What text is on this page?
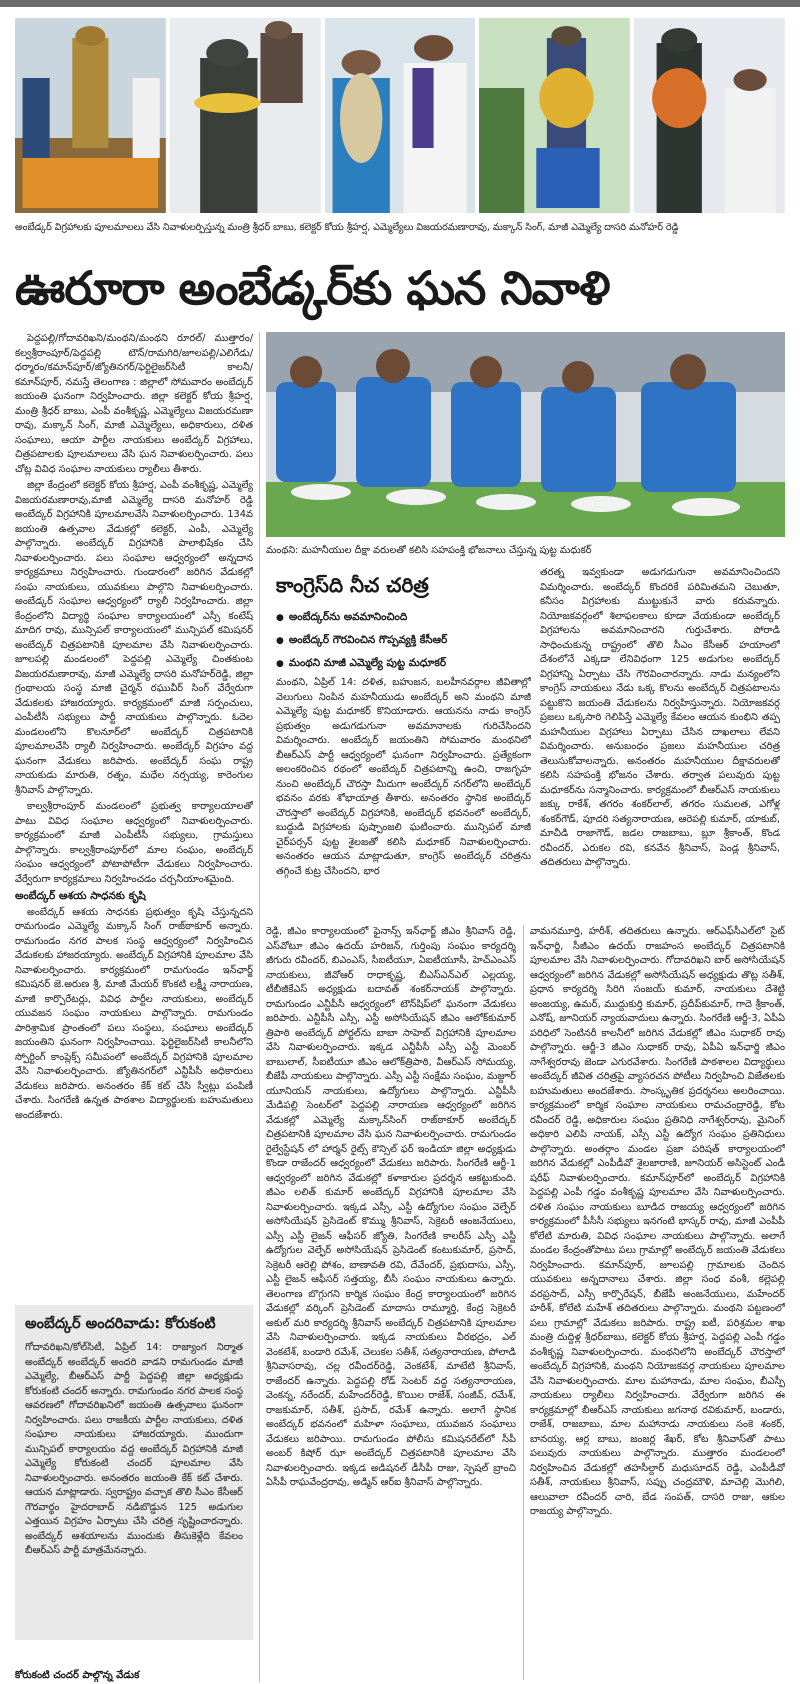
అంబేడ్కర్ విగ్రహాలకు పూలమాలలు వేసి నివాళులర్పిస్తున్న మంత్రి శ్రీధర్ బాబు, కలెక్టర్ కోయ శ్రీహర్ష, ఎమ్మెల్యేలు విజయరమణారావు, మక్కాన్ సింగ్, మాజీ ఎమ్మెల్యే దాసరి మనోహర్ రెడ్డి
ఊరూరా అంబేడ్కర్‌కు ఘన నివాళి

పెద్దపల్లి/గోదావరిఖని/మంథని/మంథని రూరల్/ ముత్తారం/కల్వశ్రీరాంపూర్/పెద్దపల్లి టౌన్/రామగిరి/జూలపల్లి/ఎలిగేడు/ధర్మారం/కమాన్‌పూర్/జ్యోతినగర్/ఫెర్టిలైజర్‌సిటీ కాలనీ/కమాన్‌పూర్, నమస్తే తెలంగాణ : జిల్లాలో సోమవారం అంబేద్కర్ జయంతి ఘనంగా నిర్వహించారు. జిల్లా కలెక్టర్ కోయ శ్రీహర్ష, మంత్రి శ్రీధర్ బాబు, ఎంపీ వంశీకృష్ణ, ఎమ్మెల్యేలు విజయరమణా రావు, మక్కాన్ సింగ్, మాజీ ఎమ్మెల్యేలు, అధికారులు, దళిత సంఘాలు, ఆయా పార్టీల నాయకులు అంబేద్కర్ విగ్రహాలు, చిత్రపటాలకు పూలమాలలు వేసి ఘన నివాళులర్పించారు. పలు చోట్ల వివిధ సంఘాల నాయకులు ర్యాలీలు తీశారు.

జిల్లా కేంద్రంలో కలెక్టర్ కోయ శ్రీహర్ష, ఎంపీ వంశీకృష్ణ, ఎమ్మెల్యే విజయరమణారావు,మాజీ ఎమ్మెల్యే దాసరి మనోహర్ రెడ్డి అంబేద్కర్ విగ్రహానికి పూలమాలవేసి నివాళులర్పించారు. 134వ జయంతి ఉత్సవాల వేడుకల్లో కలెక్టర్, ఎంపీ, ఎమ్మెల్యే పాల్గొన్నారు. అంబేద్కర్ విగ్రహానికి పాలాభిషేకం చేసి నివాళులర్పించారు. పలు సంఘాల ఆధ్వర్యంలో అన్నదాన కార్యక్రమాలు నిర్వహించారు. గుండారంలో జరిగిన వేడుకల్లో సంఘ నాయకులు, యువకులు పాల్గొని నివాళులర్పించారు. అంబేడ్కర్ సంఘాల ఆధ్వర్యంలో ర్యాలీ నిర్వహించారు. జిల్లా కేంద్రంలోని విద్యార్థి సంఘాల కార్యాలయంలో ఎస్సీ కంటేష్ మాదిగ రావు, మున్సిపల్ కార్యాలయంలో మున్సిపల్ కమిషనర్ అంబేద్కర్ చిత్రపటానికి పూలమాల వేసి నివాళులర్పించారు. జూలపల్లి మండలంలో పెద్దపల్లి ఎమ్మెల్యే చింతకుంట విజయరమణారావు, మాజీ ఎమ్మెల్యే దాసరి మనోహర్‌రెడ్డి, జిల్లా గ్రంథాలయ సంస్థ మాజీ చైర్మన్ రఘువీర్ సింగ్ వేర్వేరుగా వేడుకలకు హాజరయ్యారు. కార్యక్రమంలో మాజీ సర్పంచులు, ఎంపీటీసీ సభ్యులు పార్టీ నాయకులు పాల్గొన్నారు. ఓదెల మండలంలోని కొలనూర్‌లో అంబేద్కర్ చిత్రపటానికి పూలమాలవేసి ర్యాలీ నిర్వహించారు. అంబేద్కర్ విగ్రహం వద్ద ఘనంగా వేడుకలు జరిపారు. అంబేద్కర్ సంఘ రాష్ట్ర నాయకుడు మారుతి, రత్నం, మధేల నర్సయ్య, కారెంగుల శ్రీనివాస్ పాల్గొన్నారు.

కాల్వశ్రీరాంపూర్ మండలంలో ప్రభుత్వ కార్యాలయాలతో పాటు వివిధ సంఘాల ఆధ్వర్యంలో నివాళులర్పించారు. కార్యక్రమంలో మాజీ ఎంపీటీసీ సభ్యులు, గ్రామస్తులు పాల్గొన్నారు. కాల్వశ్రీరాంపూర్‌లో మాల సంఘం, అంబేద్కర్ సంఘం ఆధ్వర్యంలో పోటాపోటీగా వేడుకలు నిర్వహించారు. వేర్వేరుగా కార్యక్రమాలు నిర్వహించడం చర్చనీయాంశమైంది.

అంబేద్కర్ ఆశయ సాధనకు కృషి

అంబేద్కర్ ఆశయ సాధనకు ప్రభుత్వం కృషి చేస్తున్నదని రామగుండం ఎమ్మెల్యే మక్కాన్ సింగ్ రాజ్‌ఠాకూర్ అన్నారు. రామగుండం నగర పాలక సంస్థ ఆధ్వర్యంలో నిర్వహించిన వేడుకలకు హాజరయ్యారు. అంబేద్కర్ విగ్రహానికి పూలమాల వేసి నివాళులర్పించారు. కార్యక్రమంలో రామగుండం ఇన్‌ఛార్జ్ కమిషనర్ జె.అరుణ శ్రీ, మాజీ మేయర్ కొంకటి లక్ష్మీ నారాయణ, మాజీ కార్పొరేటర్లు, వివిధ పార్టీల నాయకులు, అంబేద్కర్ యువజన సంఘం నాయకులు పాల్గొన్నారు. రామగుండం పారిశ్రామిక ప్రాంతంలో పలు సంస్థలు, సంఘాలు అంబేద్కర్ జయంతిని ఘనంగా నిర్వహించాయి. ఫెర్టిలైజర్‌సిటీ కాలనీలోని స్పోర్టింగ్ కాంప్లెక్స్ సమీపంలో అంబేద్కర్ విగ్రహానికి పూలమాల వేసి నివాళులర్పించారు. జ్యోతినగర్‌లో ఎన్టీపీసీ అధికారులు వేడుకలు జరిపారు. అనంతరం కేక్ కట్ చేసి స్వీట్లు పంపిణీ చేశారు. సింగరేణి ఉన్నత పాఠశాల విద్యార్థులకు బహుమతులు అందజేశారు.

అంబేద్కర్ అందరివాడు: కోరుకంటి
గోదావరిఖని/కోల్‌సిటీ, ఏప్రిల్ 14: రాజ్యాంగ నిర్మాత అంబేద్కర్ అంబేద్కర్ అందరి వాడని రామగుండం మాజీ ఎమ్మెల్యే, బీఆర్‌ఎస్ పార్టీ పెద్దపల్లి జిల్లా అధ్యక్షుడు కోరుకంటి చందర్ అన్నారు. రామగుండం నగర పాలక సంస్థ ఆవరణలో గోదావరిఖనిలో జయంతి ఉత్సవాలు ఘనంగా నిర్వహించారు. పలు రాజకీయ పార్టీల నాయకులు, దళిత సంఘాల నాయకులు హాజరయ్యారు. ముందుగా మున్సిపల్ కార్యాలయం వద్ద అంబేద్కర్ విగ్రహానికి మాజీ ఎమ్మెల్యే కోరుకంటి చందర్ పూలమాల వేసి నివాళులర్పించారు. అనంతరం జయంతి కేక్ కట్ చేశారు. ఆయన మాట్లాడారు. స్వరాష్ట్రం వచ్చాక తొలి సీఎం కేసీఆర్ గౌరవార్థం హైదరాబాద్ నడిబొడ్డున 125 అడుగుల ఎత్తయిన విగ్రహం ఏర్పాటు చేసి చరిత్ర సృష్టించారన్నారు. అంబేద్కర్ ఆశయాలను ముందుకు తీసుకెళ్లేది కేవలం బీఆర్‌ఎస్ పార్టీ మాత్రమేనన్నారు.
కోరుకంటి చందర్ పాల్గొన్న వేడుక
మంథని: మహనీయుల దీక్షా వరులతో కలిసి సహపంక్తి భోజనాలు చేస్తున్న పుట్ట మధుకర్
కాంగ్రెస్‌ది నీచ చరిత్ర
● అంబేద్కర్‌ను అవమానించింది
● అంబేద్కర్ గౌరవించిన గొప్పవ్యక్తి కేసీఆర్
● మంథని మాజీ ఎమ్మెల్యే పుట్ట మధూకర్
మంథని, ఏప్రిల్ 14: దళిత, బహుజన, బలహీనవర్గాల జీవితాల్లో వెలుగులు నింపిన మహనీయుడు అంబేద్కర్ అని మంథని మాజీ ఎమ్మెల్యే పుట్ట మధూకర్ కొనియాడారు. ఆయనను నాడు కాంగ్రెస్ ప్రభుత్వం అడుగడుగునా అవమానాలకు గురిచేసిందని విమర్శించారు. అంబేద్కర్ జయంతిని సోమవారం మంథనిలో బీఆర్ఎస్ పార్టీ ఆధ్వర్యంలో ఘనంగా నిర్వహించారు. ప్రత్యేకంగా అలంకరించిన రథంలో అంబేద్కర్ చిత్రపటాన్ని ఉంచి, రాజగృహ నుంచి అంబేద్కర్ చౌరస్తా మీదుగా అంబేద్కర్ నగర్‌లోని అంబేద్కర్ భవనం వరకు శోభాయాత్ర తీశారు. అనంతరం స్థానిక అంబేద్కర్ చౌరస్తాలో అంబేద్కర్ విగ్రహానికి, అంబేద్కర్ భవనంలో అంబేద్కర్, బుద్ధుడి విగ్రహాలకు పుష్పాంజలి ఘటించారు. మున్సిపల్ మాజీ చైర్‌పర్సన్ పుట్ట శైలజతో కలిసి మధూకర్ నివాళులర్పించారు. అనంతరం ఆయన మాట్లాడుతూ, కాంగ్రెస్ అంబేద్కర్ చరిత్రను తగ్గించే కుట్ర చేసిందని, భార
తరత్న ఇవ్వకుండా అడుగడుగునా అవమానించిందని విమర్శించారు. అంబేద్కర్ కొందరికే పరిమితమని చెబుతూ, కనీసం విగ్రహాలకు ముట్టుకునే వారు కరువన్నారు. నియోజకవర్గంలో శిలాఫలకాలు కూడా వేయకుండా అంబేద్కర్ విగ్రహాలను అవమానించారని గుర్తుచేశారు. పోరాడి సాధించుకున్న రాష్ట్రంలో తొలి సీఎం కేసీఆర్ హయాంలో దేశంలోనే ఎక్కడా లేనివిధంగా 125 అడుగుల అంబేద్కర్ విగ్రహాన్ని ఏర్పాటు చేసి గౌరవించారన్నారు. నాడు మన్యంలోని కాంగ్రెస్ నాయకులు నేడు ఒక్క కొలను అంబేద్కర్ చిత్రపటాలను పట్టుకొని జయంతి వేడుకలను నిర్వహిస్తున్నారు. నియోజకవర్గ ప్రజలు ఒక్కసారి గెలిపిస్తే ఎమ్మెల్యే కేవలం ఆయన కుంభిని తప్ప మహనీయుల విగ్రహాలు ఏర్పాటు చేసిన దాఖలాలు లేవని విమర్శించారు. అనుబంధం ప్రజలు మహనీయుల చరిత్ర తెలుసుకోవాలన్నారు. అనంతరం మహనీయుల దీక్షావరులతో కలిసి సహపంక్తి భోజనం చేశారు. తర్వాత పలువురు పుట్ట మధూకర్‌ను సన్మానించారు. కార్యక్రమంలో బీఆర్ఎస్ నాయకులు జక్కు రాకేశ్, తగరం శంకర్‌లాల్, తగరం సుమలత, ఎగోళ్ల శంకర్‌గౌడ్, పూదరి సత్యనారాయణ, ఆరెపల్లి కుమార్, యాకుబ్, మాచీడి రాజాగౌడ్, జడల రాజబాబు, బ్లూ శ్రీకాంత్, కొండ రవీందర్, ఎరుకల రవి, కనవేన శ్రీనివాస్, పెండ్ల శ్రీనివాస్, తదితరులు పాల్గొన్నారు.
రెడ్డి, జీఎం కార్యాలయంలో ఫైనాన్స్ ఇన్‌ఛార్జ్ జీఎం శ్రీనివాస్ రెడ్డి, ఎస్‌వోటూ జీఎం ఉదయ్ హరిజన్, గుర్తింపు సంఘం కార్యదర్శి జీగురు రవీందర్, బిఎంఎస్, సీఐటీయూ, ఏఐటీయూసీ, హెచ్ఎంఎస్ నాయకులు, జీవోఆర్ రాధాకృష్ణ, బీఎస్ఎన్ఎల్ ఎల్లయ్య, టీబీజీకేఎస్ అధ్యక్షుడు బదావత్ శంకర్‌నాయక్ పాల్గొన్నారు. రామగుండం ఎన్టీపీసీ ఆధ్వర్యంలో టౌన్‌షిప్‌లో ఘనంగా వేడుకలు జరిపారు. ఎన్టీపీసీ ఎస్సీ, ఎస్టీ అసోసియేషన్ జీఎం ఆలోక్‌కుమార్ త్రిపాఠి అంబేద్కర్ పోర్టల్‌ను బాబా సాహెబ్ విగ్రహానికి పూలమాల వేసి నివాళులర్పించారు. ఇక్కడ ఎన్టీపీసీ ఎస్సీ ఎస్టీ మెంబర్ బాబులాల్, సీఐటీయూ జీఎం ఆలోక్‌త్రిపాఠి, వీఆర్ఎస్ సోమయ్య, బీజేపీ నాయకులు పాల్గొన్నారు. ఎస్సీ ఎస్టీ సంక్షేమ సంఘం, మజ్దూర్ యూనియన్ నాయకులు, ఉద్యోగులు పాల్గొన్నారు. ఎన్టీపీసీ మేడిపల్లి సెంటర్‌లో పెద్దపల్లి నారాయణ ఆధ్వర్యంలో జరిగిన వేడుకల్లో ఎమ్మెల్యే మక్కాన్‌సింగ్ రాజ్‌ఠాకూర్ అంబేద్కర్ చిత్రపటానికి పూలమాల వేసి ఘన నివాళులర్పించారు. రామగుండం రైల్వేస్టేషన్ లో హార్మన్ రైట్స్ కౌన్సిల్ ఫర్ ఇండియా జిల్లా అధ్యక్షుడు కొండా రాజేందర్ ఆధ్వర్యంలో వేడుకలు జరిపారు. సింగరేణి ఆర్జీ-1 ఆధ్వర్యంలో జరిగిన వేడుకల్లో కళాకారుల ప్రదర్శన ఆకట్టుకుంది. జీఎం లలిత్ కుమార్ అంబేద్కర్ విగ్రహానికి పూలమాల వేసి నివాళులర్పించారు. ఇక్కడ ఎస్సీ, ఎస్టీ ఉద్యోగుల సంఘం వెల్ఫేర్ అసోసియేషన్ ప్రెసిడెంట్ కొమ్ము శ్రీనివాస్, సెక్రెటరీ ఆంజనేయులు, ఎస్సీ ఎస్టీ లైజన్ ఆఫీసర్ జ్యోతి, సింగరేణి కాలరీస్ ఎస్సీ ఎస్టీ ఉద్యోగుల వెల్ఫేర్ అసోసియేషన్ ప్రెసిడెంట్ కంటుకుమార్, ప్రసాద్, సెక్రెటరీ ఆరెల్లి పోశం, బాణావతి రవి, దేవేందర్, ప్రభుదాసు, ఎస్సీ, ఎస్టీ లైజన్ ఆఫీసర్ సత్తయ్య, బీసీ సంఘం నాయకులు ఉన్నారు. తెలంగాణ బొగ్గుగని కార్మిక సంఘం కేంద్ర కార్యాలయంలో జరిగిన వేడుకల్లో వర్కింగ్ ప్రెసిడెంట్ మాదాసు రామ్మూర్తి, కేంద్ర సెక్రెటరీ అకుల్ మరి కార్యదర్శి శ్రీనివాస్ అంబేద్కర్ చిత్రపటానికి పూలమాల వేసి నివాళులర్పించారు. ఇక్కడ నాయకులు వీరభద్రం, ఎల్ వెంకటేశ్, బండారి రమేశ్, చెలుకల సతీశ్, సత్యనారాయణ, పోలాడి శ్రీనివాసరావు, చల్ల రవీందర్‌రెడ్డి, వెంకటేశ్, మాటేటి శ్రీనివాస్, రాజేందర్ ఉన్నారు. పెద్దపల్లి రోడ్ సెంటర్ వద్ద సత్యనారాయణ, వెంకన్న, నరేందర్, మహేందర్‌రెడ్డి, కొయిల రాజేశ్, సంజీవ్, రమేశ్, రాజకుమార్, సతీశ్, ప్రసాద్, రమేశ్ ఉన్నారు. అలాగే స్థానిక అంబేద్కర్ భవనంలో మహిళా సంఘాలు, యువజన సంఘాలు వేడుకలు జరిపాయి. రామగుండం పోలీసు కమిషనరేట్‌లో సీపీ అంబర్ కిషోర్ ఝా అంబేద్కర్ చిత్రపటానికి పూలమాల వేసి నివాళులర్పించారు. ఇక్కడ అడిషనల్ డీసీపీ రాజు, స్పెషల్ బ్రాంచి ఏసీపీ రాఘవేంద్రరావు, అడ్మిన్ ఆర్‌ఐ శ్రీనివాస్ పాల్గొన్నారు.
వామనమూర్తి, హరీశ్, తదితరులు ఉన్నారు. ఆర్ఎఫ్‌సీఎల్‌లో సైట్ ఇన్‌ఛార్జి, సీజీఎం ఉదయ్ రాజహంస అంబేద్కర్ చిత్రపటానికి పూలమాల వేసి నివాళులర్పించారు. గోదావరిఖని బార్ అసోసియేషన్ ఆధ్వర్యంలో జరిగిన వేడుకల్లో అసోసియేషన్ అధ్యక్షుడు తొట్ల సతీశ్, ప్రధాన కార్యదర్శి సిరిగి సంజయ్ కుమార్, నాయకులు దేశెట్టి అంజయ్య, ఉమర్, ముద్దుకుర్తి కుమార్, ప్రదీప్‌కుమార్, గాదె శ్రీకాంత్, ఎనోష్, జూనియర్ న్యాయవాదులు ఉన్నారు. సింగరేణి ఆర్జీ-3, ఏపీఏ పరిధిలో సెంటినరీ కాలనీలో జరిగిన వేడుకల్లో జీఎం సుధాకర్ రావు పాల్గొన్నారు. ఆర్జీ-3 జీఎం సుధాకర్ రావు, ఏపీఏ ఇన్‌ఛార్జి జీఎం నాగేశ్వరరావు జెండా ఎగురవేశారు. సింగరేణి పాఠశాలల విద్యార్థులు అంబేద్కర్ జీవిత చరిత్రపై వ్యాసరచన పోటీలు నిర్వహించి విజేతలకు బహుమతులు అందజేశారు. సాంస్కృతిక ప్రదర్శనలు అలరించాయి. కార్యక్రమంలో కార్మిక సంఘాల నాయకులు రామచంద్రారెడ్డి, కోట రవీందర్ రెడ్డి, అధికారుల సంఘం ప్రతినిధి నాగేశ్వర్‌రావు, మైనింగ్ అధికారి ఎలిపి నాయక్, ఎస్సీ ఎస్టీ ఉద్యోగ సంఘం ప్రతినిధులు పాల్గొన్నారు. అంతర్గాం మండల ప్రజా పరిషత్ కార్యాలయంలో జరిగిన వేడుకల్లో ఎంపీడీవో శైలజారాణి, జూనియర్ అసిస్టెంట్ ఎండీ షరీఫ్ నివాళులర్పించారు. కమాన్‌పూర్‌లో అంబేద్కర్ విగ్రహానికి పెద్దపల్లి ఎంపీ గడ్డం వంశీకృష్ణ పూలమాల వేసి నివాళులర్పించారు. దళిత సంఘం నాయకులు బూడిద రాజయ్య ఆధ్వర్యంలో జరిగిన కార్యక్రమంలో పీసీసీ సభ్యులు ఇనగంటి భాస్కర్ రావు, మాజీ ఎంపీపీ కోలేటి మారుతి, వివిధ సంఘాల నాయకులు పాల్గొన్నారు. అలాగే మండల కేంద్రంతోపాటు పలు గ్రామాల్లో అంబేద్కర్ జయంతి వేడుకలు నిర్వహించారు. కమాన్‌పూర్, జూలపల్లి గ్రామాలకు చెందిన యువకులు అన్నదానాలు చేశారు. జిల్లా సంధ వంశీ, కల్లెపల్లి వరప్రసాద్, ఎస్సీ కార్పొరేషన్, బీజేపీ అంజనేయులు, మహేందర్ హరీశ్, కోలేటి మహేశ్ తదితరులు పాల్గొన్నారు. మంథని పట్టణంలో పలు గ్రామాల్లో వేడుకలు జరిపారు. రాష్ట్ర ఐటీ, పరిశ్రమల శాఖ మంత్రి దుద్దిళ్ల శ్రీధర్‌బాబు, కలెక్టర్ కోయ శ్రీహర్ష, పెద్దపల్లి ఎంపీ గడ్డం వంశీకృష్ణ నివాళులర్పించారు. మంథనిలోని అంబేద్కర్ చౌరస్తాలో అంబేద్కర్ విగ్రహానికి, మంథని నియోజకవర్గ నాయకులు పూలమాల వేసి నివాళులర్పించారు. మాల మహానాడు, మాల సంఘం, బీఎస్పీ నాయకులు ర్యాలీలు నిర్వహించారు. వేర్వేరుగా జరిగిన ఈ కార్యక్రమాల్లో బీఆర్ఎస్ నాయకులు జగనాథ రవికుమార్, బండారు, రాజేశ్, రాజబాబు, మాల మహానాడు నాయకులు సంకె శంకర్, బానయ్య, ఆర్ల బాబు, జంజర్ల శేఖర్, కోట శ్రీనివాస్‌తో పాటు పలువురు నాయకులు పాల్గొన్నారు. ముత్తారం మండలంలో నిర్వహించిన వేడుకల్లో తహసీల్దార్ మధుసూదన్ రెడ్డి, ఎంపీడీవో సతీశ్, నాయకులు శ్రీనివాస్, సప్పు చంద్రమౌళి, మాచెల్లి మొగిలి, ఆలువాలా రవీందర్ చారి, బేడ సంపత్, దాసరి రాజు, ఆకుల రాజయ్య పాల్గొన్నారు.
